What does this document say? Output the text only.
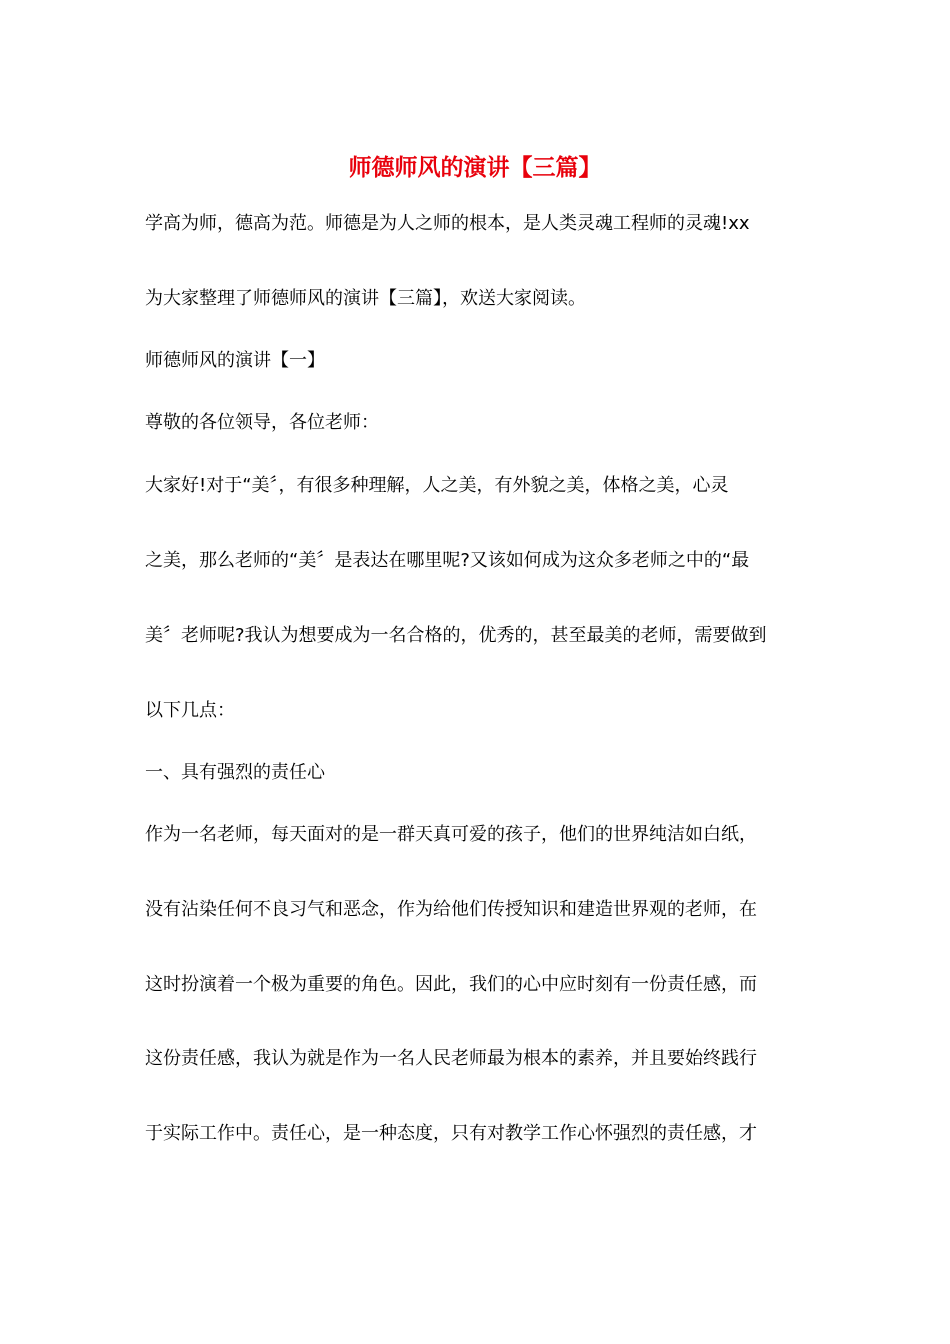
师德师风的演讲【三篇】
学高为师，德高为范。师德是为人之师的根本，是人类灵魂工程师的灵魂!xx
为大家整理了师德师风的演讲【三篇】，欢送大家阅读。
师德师风的演讲【一】
尊敬的各位领导，各位老师：
大家好!对于“美〞，有很多种理解，人之美，有外貌之美，体格之美，心灵
之美，那么老师的“美〞是表达在哪里呢?又该如何成为这众多老师之中的“最
美〞老师呢?我认为想要成为一名合格的，优秀的，甚至最美的老师，需要做到
以下几点：
一、具有强烈的责任心
作为一名老师，每天面对的是一群天真可爱的孩子，他们的世界纯洁如白纸，
没有沾染任何不良习气和恶念，作为给他们传授知识和建造世界观的老师，在
这时扮演着一个极为重要的角色。因此，我们的心中应时刻有一份责任感，而
这份责任感，我认为就是作为一名人民老师最为根本的素养，并且要始终践行
于实际工作中。责任心，是一种态度，只有对教学工作心怀强烈的责任感，才
